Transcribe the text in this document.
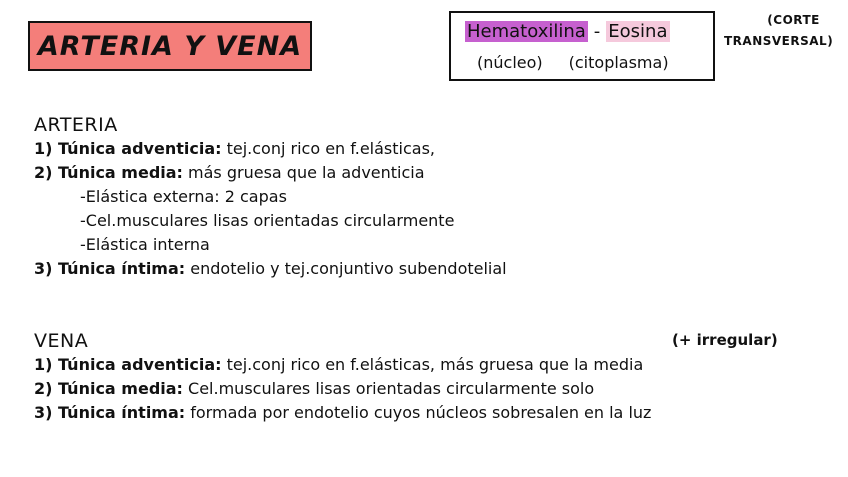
ARTERIA Y VENA	Hematoxilina - Eosina
(núcleo) (citoplasma)
(CORTE
TRANSVERSAL)
ARTERIA
1) Túnica adventicia: tej.conj rico en f.elásticas,
2) Túnica media: más gruesa que la adventicia
-Elástica externa: 2 capas
-Cel.musculares lisas orientadas circularmente
-Elástica interna
3) Túnica íntima: endotelio y tej.conjuntivo subendotelial
(+ irregular)
VENA
1) Túnica adventicia: tej.conj rico en f.elásticas, más gruesa que la media
2) Túnica media: Cel.musculares lisas orientadas circularmente solo
3) Túnica íntima: formada por endotelio cuyos núcleos sobresalen en la luz
